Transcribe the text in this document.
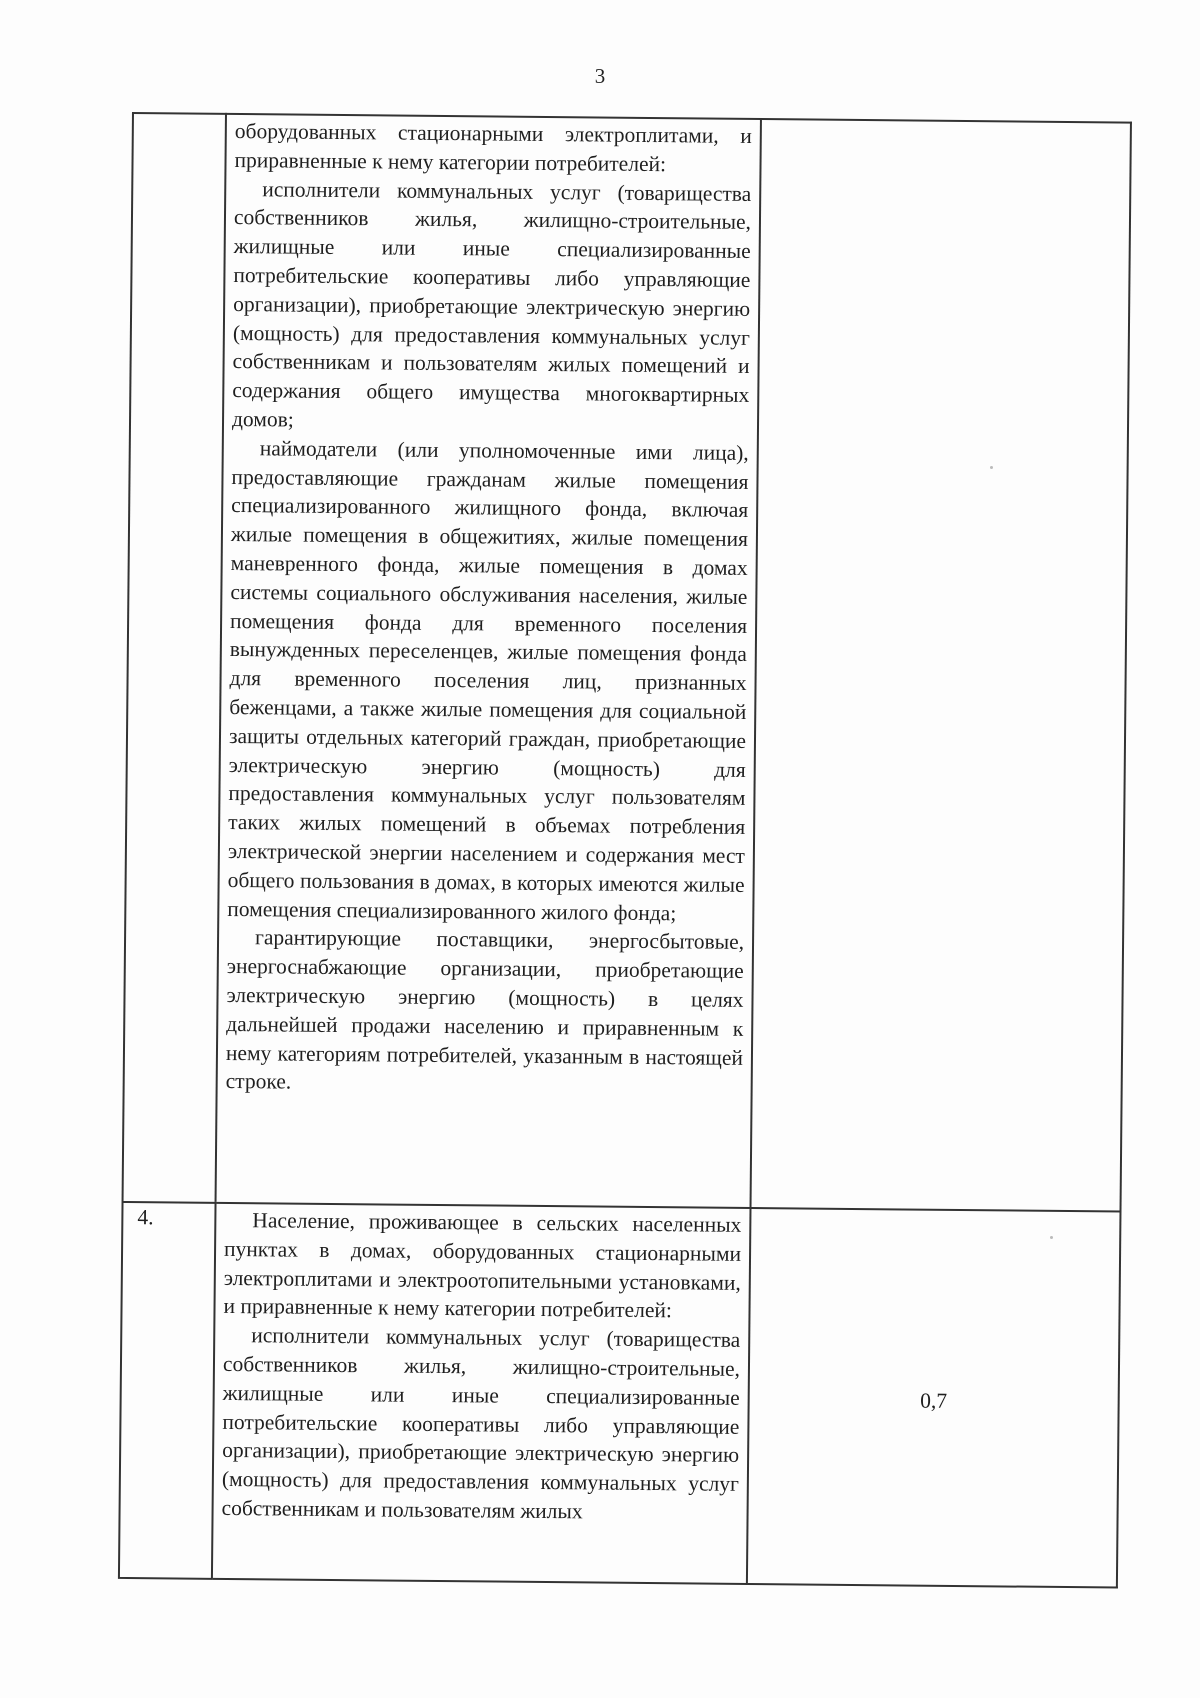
3

оборудованных стационарными электроплитами, и приравненные к нему категории потребителей:

исполнители коммунальных услуг (товарищества собственников жилья, жилищно-строительные, жилищные или иные специализированные потребительские кооперативы либо управляющие организации), приобретающие электрическую энергию (мощность) для предоставления коммунальных услуг собственникам и пользователям жилых помещений и содержания общего имущества многоквартирных домов;

наймодатели (или уполномоченные ими лица), предоставляющие гражданам жилые помещения специализированного жилищного фонда, включая жилые помещения в общежитиях, жилые помещения маневренного фонда, жилые помещения в домах системы социального обслуживания населения, жилые помещения фонда для временного поселения вынужденных переселенцев, жилые помещения фонда для временного поселения лиц, признанных беженцами, а также жилые помещения для социальной защиты отдельных категорий граждан, приобретающие электрическую энергию (мощность) для предоставления коммунальных услуг пользователям таких жилых помещений в объемах потребления электрической энергии населением и содержания мест общего пользования в домах, в которых имеются жилые помещения специализированного жилого фонда;

гарантирующие поставщики, энергосбытовые, энергоснабжающие организации, приобретающие электрическую энергию (мощность) в целях дальнейшей продажи населению и приравненным к нему категориям потребителей, указанным в настоящей строке.

4.	Население, проживающее в сельских населенных пунктах в домах, оборудованных стационарными электроплитами и электроотопительными установками, и приравненные к нему категории потребителей:

исполнители коммунальных услуг (товарищества собственников жилья, жилищно-строительные, жилищные или иные специализированные потребительские кооперативы либо управляющие организации), приобретающие электрическую энергию (мощность) для предоставления коммунальных услуг собственникам и пользователям жилых

0,7
